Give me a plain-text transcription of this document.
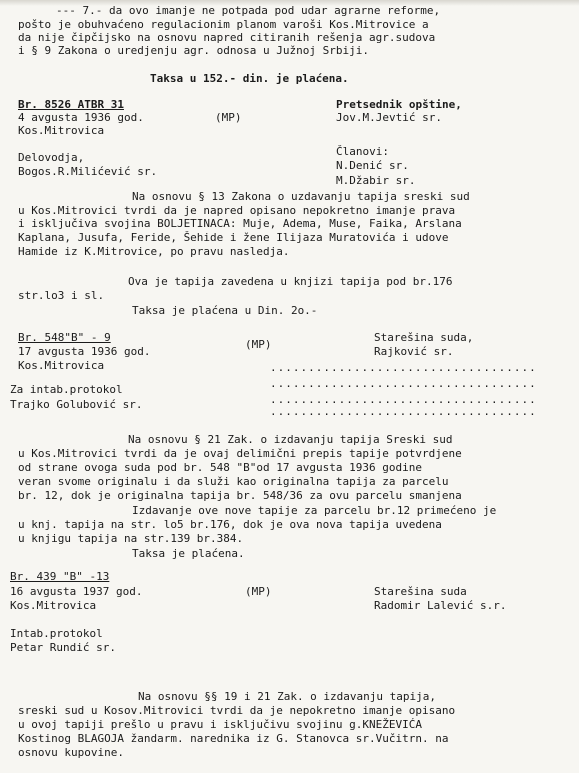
--- 7.- da ovo imanje ne potpada pod udar agrarne reforme,
pošto je obuhvaćeno regulacionim planom varoši Kos.Mitrovice a
da nije čipčijsko na osnovu napred citiranih rešenja agr.sudova
i § 9 Zakona o uredjenju agr. odnosa u Južnoj Srbiji.
Taksa u 152.- din. je plaćena.
Br. 8526 ATBR 31	Pretsednik opštine,
4 avgusta 1936 god.	(MP)	Jov.M.Jevtić sr.
Kos.Mitrovica
Članovi:
Delovodja,
N.Denić sr.
Bogos.R.Milićević sr.
M.Džabir sr.
Na osnovu § 13 Zakona o uzdavanju tapija sreski sud
u Kos.Mitrovici tvrdi da je napred opisano nepokretno imanje prava
i isključiva svojina BOLJETINACA: Muje, Adema, Muse, Faika, Arslana
Kaplana, Jusufa, Feride, Šehide i žene Ilijaza Muratovića i udove
Hamide iz K.Mitrovice, po pravu nasledja.
Ova je tapija zavedena u knjizi tapija pod br.176
str.lo3 i sl.
Taksa je plaćena u Din. 2o.-
Br. 548"B" - 9	Starešina suda,
(MP)
17 avgusta 1936 god.	Rajković sr.
Kos.Mitrovica	...................................
...................................
Za intab.protokol
...................................
Trajko Golubović sr.
...................................
Na osnovu § 21 Zak. o izdavanju tapija Sreski sud
u Kos.Mitrovici tvrdi da je ovaj delimični prepis tapije potvrdjene
od strane ovoga suda pod br. 548 "B"od 17 avgusta 1936 godine
veran svome originalu i da služi kao originalna tapija za parcelu
br. 12, dok je originalna tapija br. 548/36 za ovu parcelu smanjena
Izdavanje ove nove tapije za parcelu br.12 primećeno je
u knj. tapija na str. lo5 br.176, dok je ova nova tapija uvedena
u knjigu tapija na str.139 br.384.
Taksa je plaćena.
Br. 439 "B" -13
16 avgusta 1937 god.	(MP)	Starešina suda
Kos.Mitrovica	Radomir Lalević s.r.
Intab.protokol
Petar Rundić sr.
Na osnovu §§ 19 i 21 Zak. o izdavanju tapija,
sreski sud u Kosov.Mitrovici tvrdi da je nepokretno imanje opisano
u ovoj tapiji prešlo u pravu i isključivu svojinu g.KNEŽEVIĆA
Kostinog BLAGOJA žandarm. narednika iz G. Stanovca sr.Vučitrn. na
osnovu kupovine.
